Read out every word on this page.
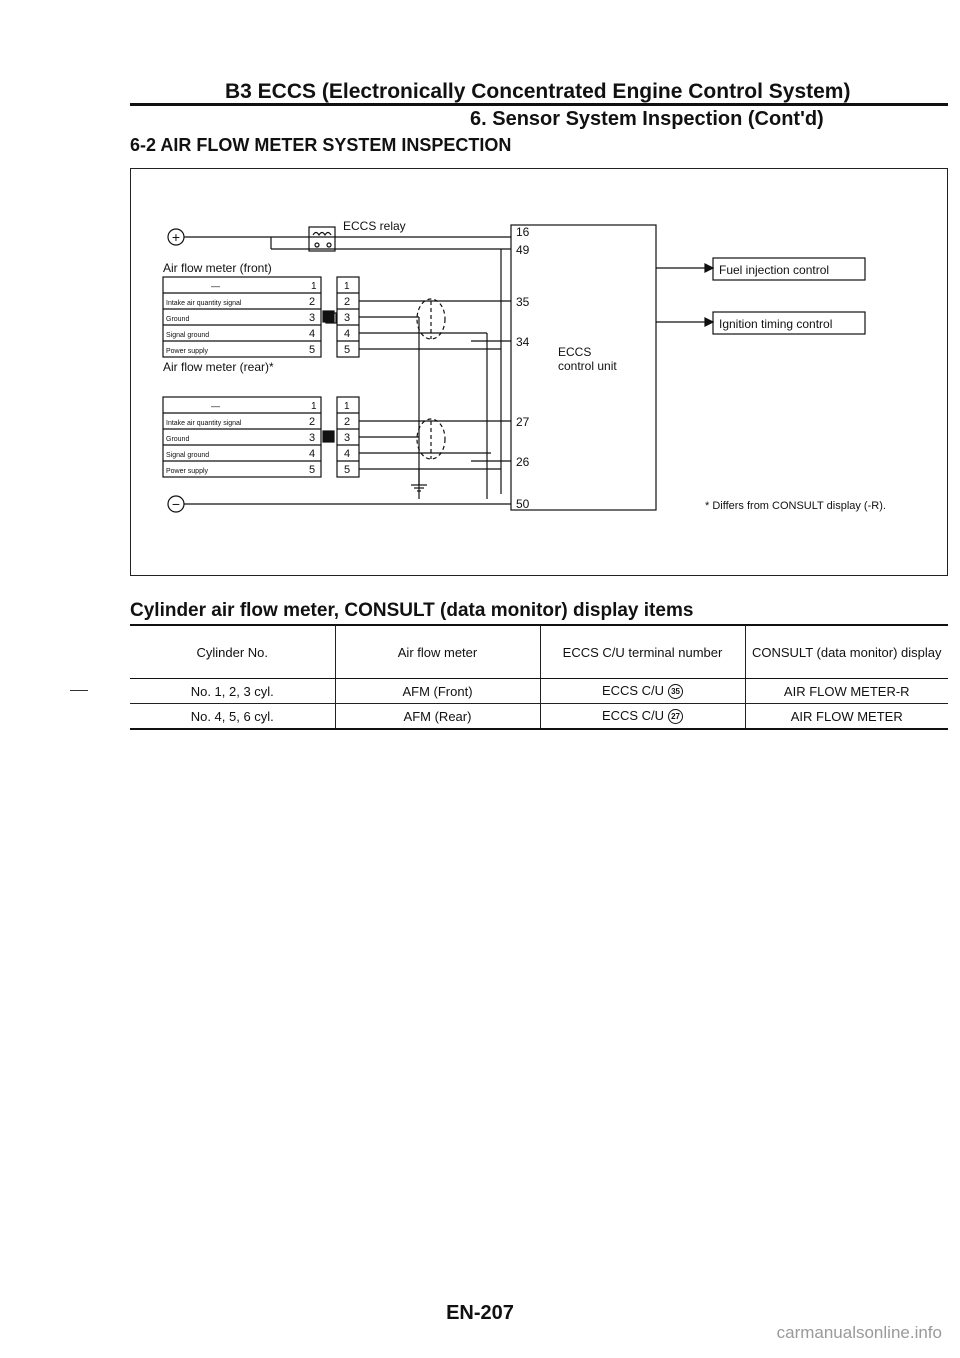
B3 ECCS (Electronically Concentrated Engine Control System)
6. Sensor System Inspection (Cont'd)
6-2 AIR FLOW METER SYSTEM INSPECTION
+
−
ECCS relay
Air flow meter (front)
—	1
Intake air quantity signal
Ground
Signal ground
Power supply
2
3
4
5
1
2
3
4
5
Air flow meter (rear)*
—	1
Intake air quantity signal
Ground
Signal ground
Power supply
2
3
4
5
1
2
3
4
5
16
49
35
34
27
26
50
ECCS
control unit
Fuel injection control
Ignition timing control
* Differs from CONSULT display (-R).
Cylinder air flow meter, CONSULT (data monitor) display items
Cylinder No.	Air flow meter	ECCS C/U terminal number	CONSULT (data monitor) display
No. 1, 2, 3 cyl.	AFM (Front)	ECCS C/U 35	AIR FLOW METER-R
No. 4, 5, 6 cyl.	AFM (Rear)	ECCS C/U 27	AIR FLOW METER
EN-207
carmanualsonline.info
